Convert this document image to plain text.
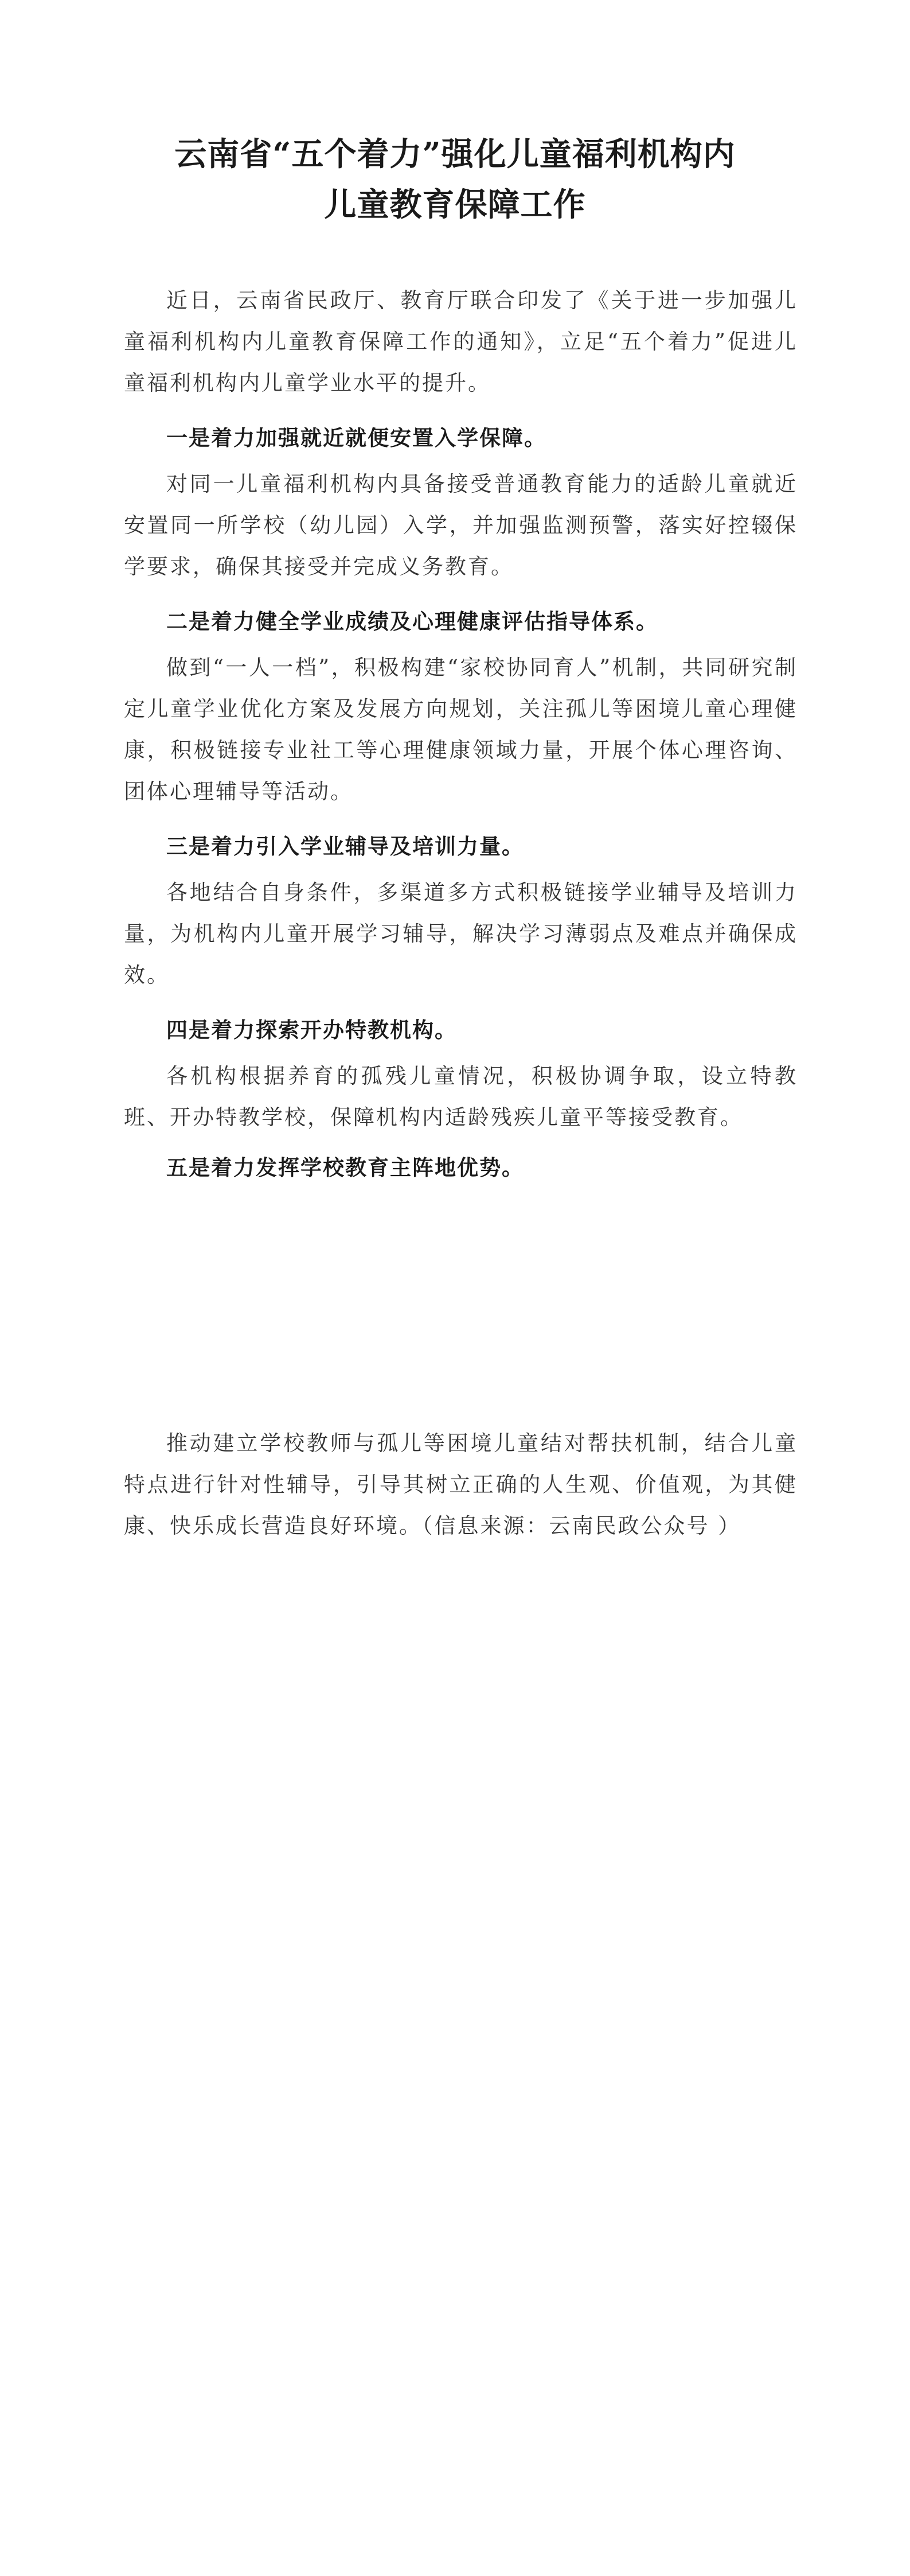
云南省“五个着力”强化儿童福利机构内
儿童教育保障工作
近日，云南省民政厅、教育厅联合印发了《关于进一步加强儿童福利机构内儿童教育保障工作的通知》，立足“五个着力”促进儿童福利机构内儿童学业水平的提升。
一是着力加强就近就便安置入学保障。
对同一儿童福利机构内具备接受普通教育能力的适龄儿童就近安置同一所学校（幼儿园）入学，并加强监测预警，落实好控辍保学要求，确保其接受并完成义务教育。
二是着力健全学业成绩及心理健康评估指导体系。
做到“一人一档”，积极构建“家校协同育人”机制，共同研究制定儿童学业优化方案及发展方向规划，关注孤儿等困境儿童心理健康，积极链接专业社工等心理健康领域力量，开展个体心理咨询、团体心理辅导等活动。
三是着力引入学业辅导及培训力量。
各地结合自身条件，多渠道多方式积极链接学业辅导及培训力量，为机构内儿童开展学习辅导，解决学习薄弱点及难点并确保成效。
四是着力探索开办特教机构。
各机构根据养育的孤残儿童情况，积极协调争取，设立特教班、开办特教学校，保障机构内适龄残疾儿童平等接受教育。
五是着力发挥学校教育主阵地优势。
推动建立学校教师与孤儿等困境儿童结对帮扶机制，结合儿童特点进行针对性辅导，引导其树立正确的人生观、价值观，为其健康、快乐成长营造良好环境。（信息来源：云南民政公众号 ）
